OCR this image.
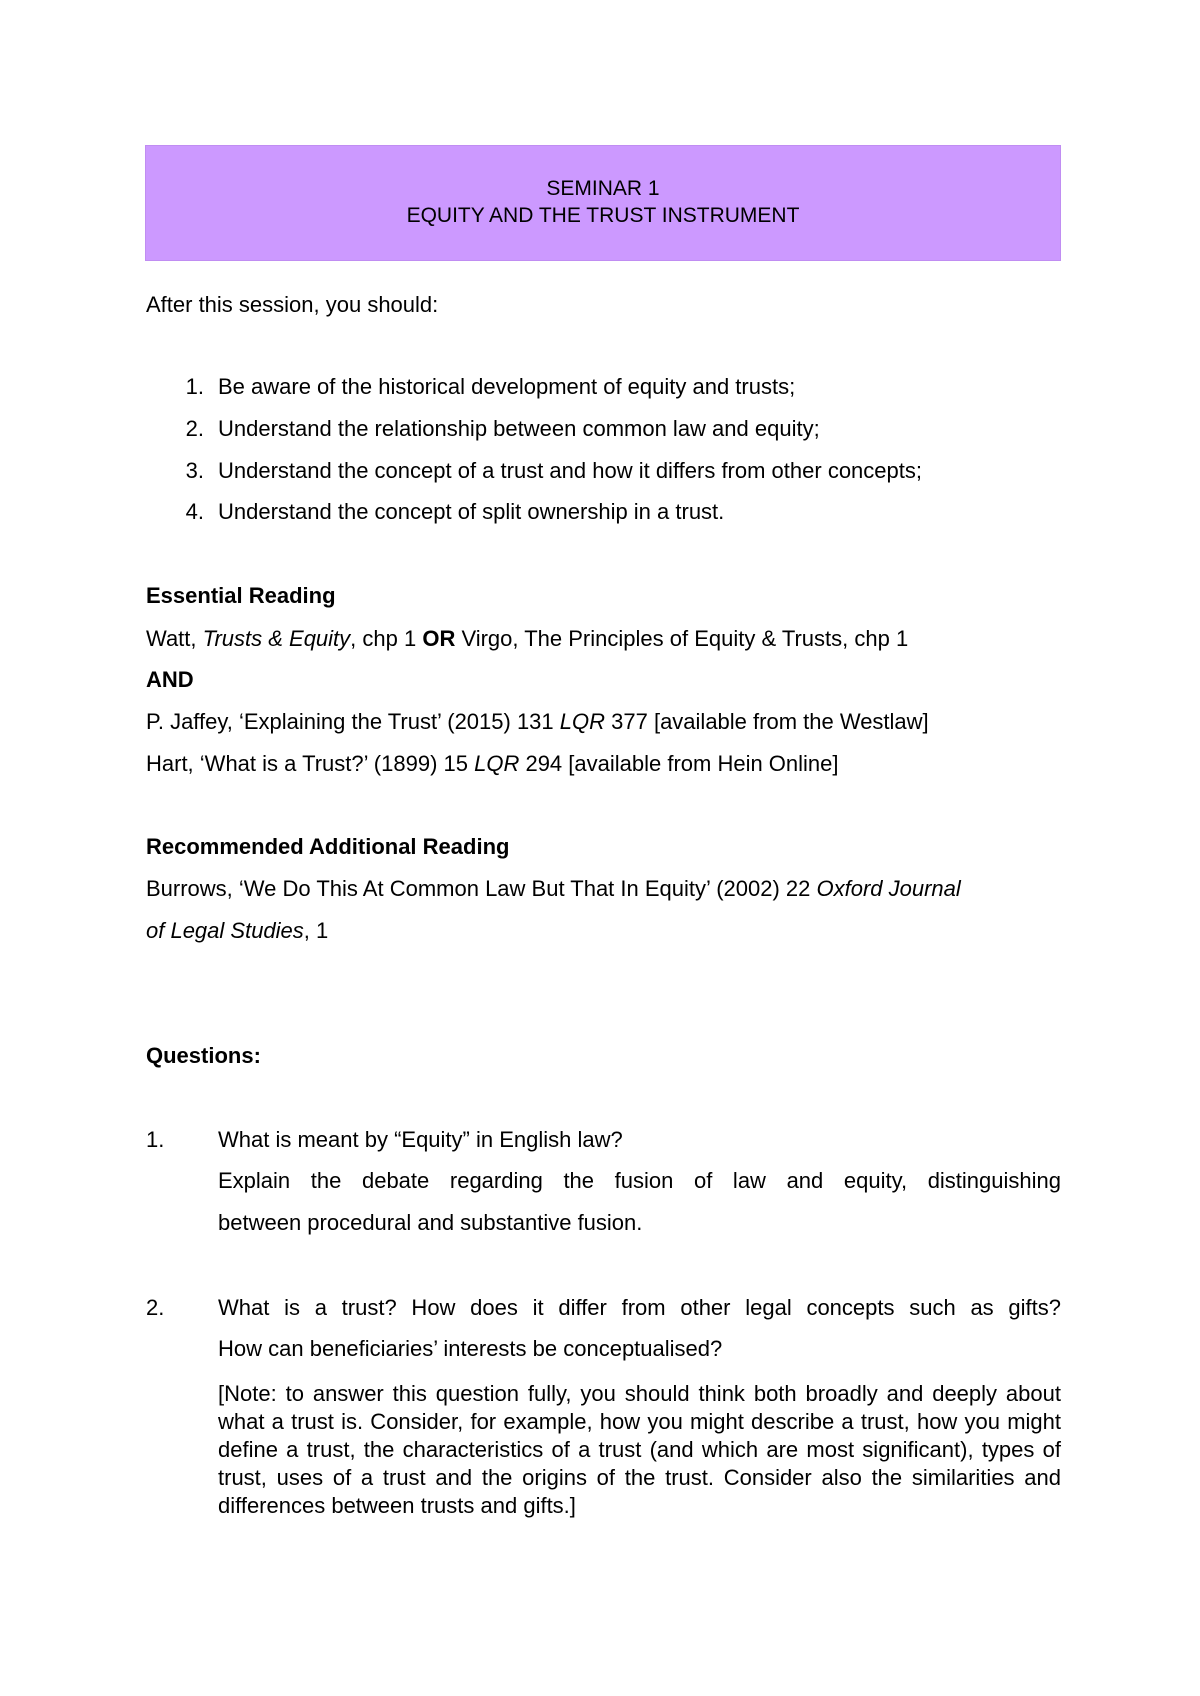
SEMINAR 1
EQUITY AND THE TRUST INSTRUMENT
After this session, you should:
1. Be aware of the historical development of equity and trusts;
2. Understand the relationship between common law and equity;
3. Understand the concept of a trust and how it differs from other concepts;
4. Understand the concept of split ownership in a trust.
Essential Reading
Watt, Trusts & Equity, chp 1 OR Virgo, The Principles of Equity & Trusts, chp 1
AND
P. Jaffey, ‘Explaining the Trust’ (2015) 131 LQR 377 [available from the Westlaw]
Hart, ‘What is a Trust?’ (1899) 15 LQR 294 [available from Hein Online]
Recommended Additional Reading
Burrows, ‘We Do This At Common Law But That In Equity’ (2002) 22 Oxford Journal
of Legal Studies, 1
Questions:
1. What is meant by “Equity” in English law?
Explain the debate regarding the fusion of law and equity, distinguishing
between procedural and substantive fusion.
2. What is a trust? How does it differ from other legal concepts such as gifts?
How can beneficiaries’ interests be conceptualised?
[Note: to answer this question fully, you should think both broadly and deeply about what a trust is. Consider, for example, how you might describe a trust, how you might define a trust, the characteristics of a trust (and which are most significant), types of trust, uses of a trust and the origins of the trust. Consider also the similarities and differences between trusts and gifts.]
